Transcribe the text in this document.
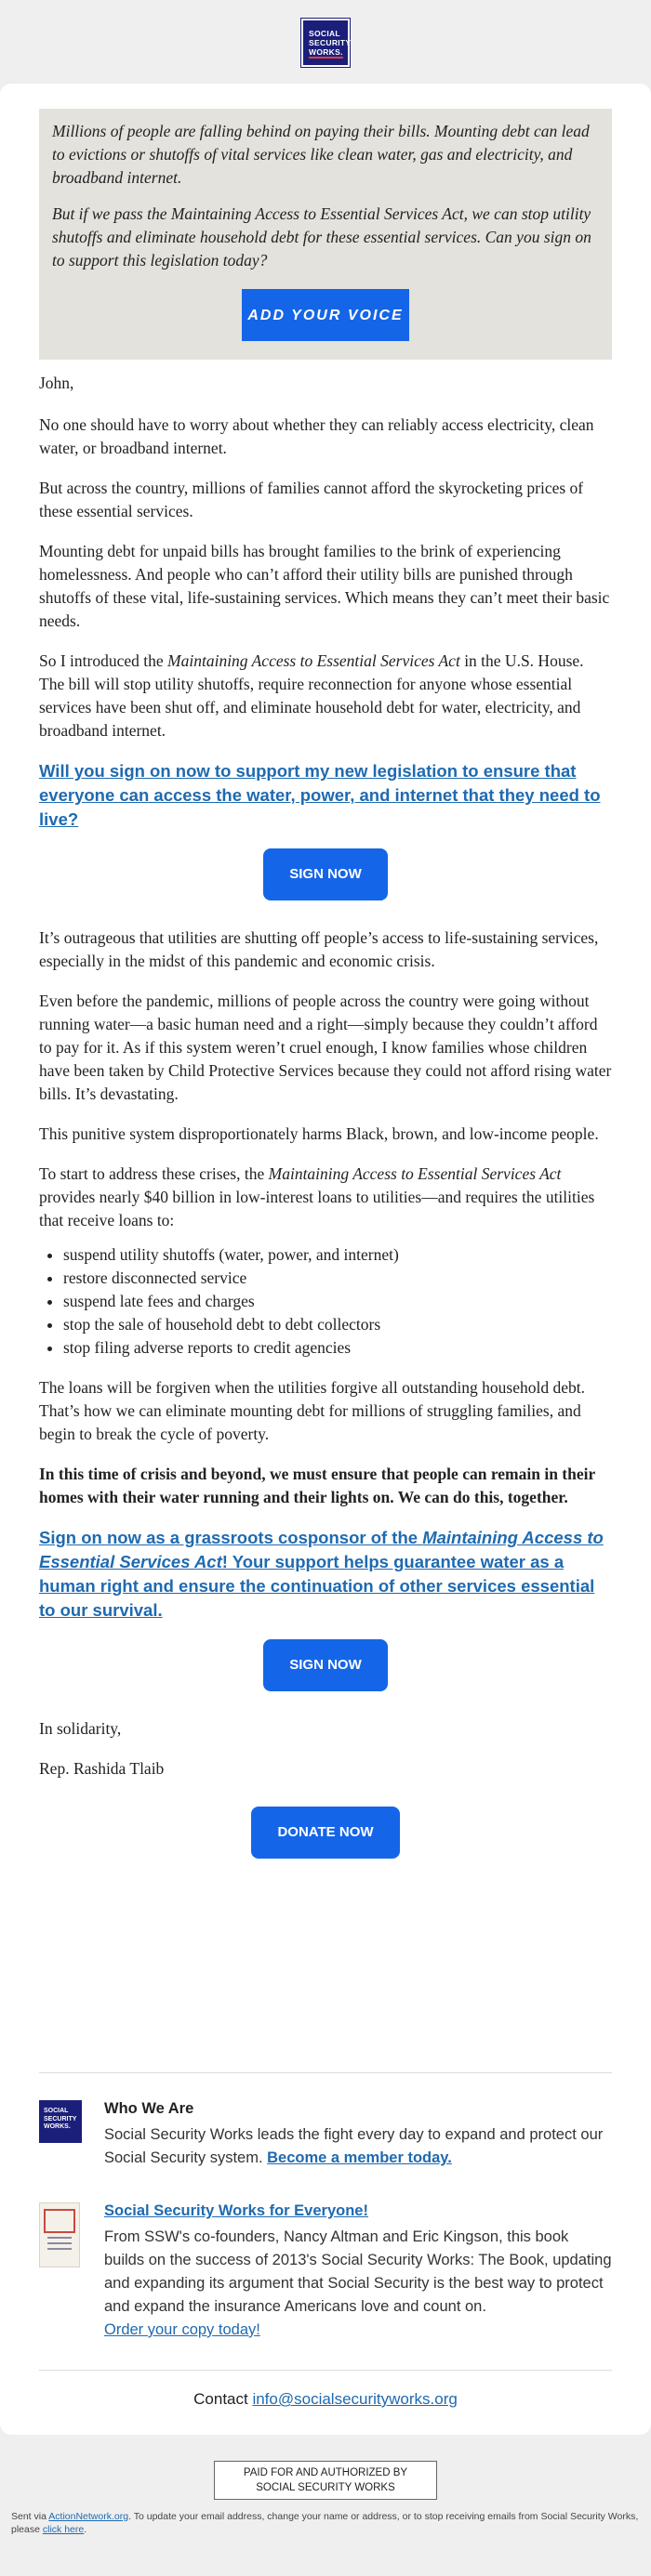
SOCIAL
SECURITY
WORKS.

Millions of people are falling behind on paying their bills. Mounting debt can lead to evictions or shutoffs of vital services like clean water, gas and electricity, and broadband internet.

But if we pass the Maintaining Access to Essential Services Act, we can stop utility shutoffs and eliminate household debt for these essential services. Can you sign on to support this legislation today?

ADD YOUR VOICE

John,

No one should have to worry about whether they can reliably access electricity, clean water, or broadband internet.

But across the country, millions of families cannot afford the skyrocketing prices of these essential services.

Mounting debt for unpaid bills has brought families to the brink of experiencing homelessness. And people who can’t afford their utility bills are punished through shutoffs of these vital, life-sustaining services. Which means they can’t meet their basic needs.

So I introduced the Maintaining Access to Essential Services Act in the U.S. House. The bill will stop utility shutoffs, require reconnection for anyone whose essential services have been shut off, and eliminate household debt for water, electricity, and broadband internet.

Will you sign on now to support my new legislation to ensure that everyone can access the water, power, and internet that they need to live?
SIGN NOW

It’s outrageous that utilities are shutting off people’s access to life-sustaining services, especially in the midst of this pandemic and economic crisis.

Even before the pandemic, millions of people across the country were going without running water—a basic human need and a right—simply because they couldn’t afford to pay for it. As if this system weren’t cruel enough, I know families whose children have been taken by Child Protective Services because they could not afford rising water bills. It’s devastating.

This punitive system disproportionately harms Black, brown, and low-income people.

To start to address these crises, the Maintaining Access to Essential Services Act provides nearly $40 billion in low-interest loans to utilities—and requires the utilities that receive loans to:

• suspend utility shutoffs (water, power, and internet)
• restore disconnected service
• suspend late fees and charges
• stop the sale of household debt to debt collectors
• stop filing adverse reports to credit agencies

The loans will be forgiven when the utilities forgive all outstanding household debt. That’s how we can eliminate mounting debt for millions of struggling families, and begin to break the cycle of poverty.

In this time of crisis and beyond, we must ensure that people can remain in their homes with their water running and their lights on. We can do this, together.

Sign on now as a grassroots cosponsor of the Maintaining Access to Essential Services Act! Your support helps guarantee water as a human right and ensure the continuation of other services essential to our survival.
SIGN NOW

In solidarity,

Rep. Rashida Tlaib

DONATE NOW
SOCIAL
SECURITY
WORKS.
Who We Are

Social Security Works leads the fight every day to expand and protect our Social Security system. Become a member today.

Social Security Works for Everyone!

From SSW's co-founders, Nancy Altman and Eric Kingson, this book builds on the success of 2013's Social Security Works: The Book, updating and expanding its argument that Social Security is the best way to protect and expand the insurance Americans love and count on.

Order your copy today!

Contact info@socialsecurityworks.org
PAID FOR AND AUTHORIZED BY
SOCIAL SECURITY WORKS
Sent via ActionNetwork.org. To update your email address, change your name or address, or to stop receiving emails from Social Security Works, please click here.
